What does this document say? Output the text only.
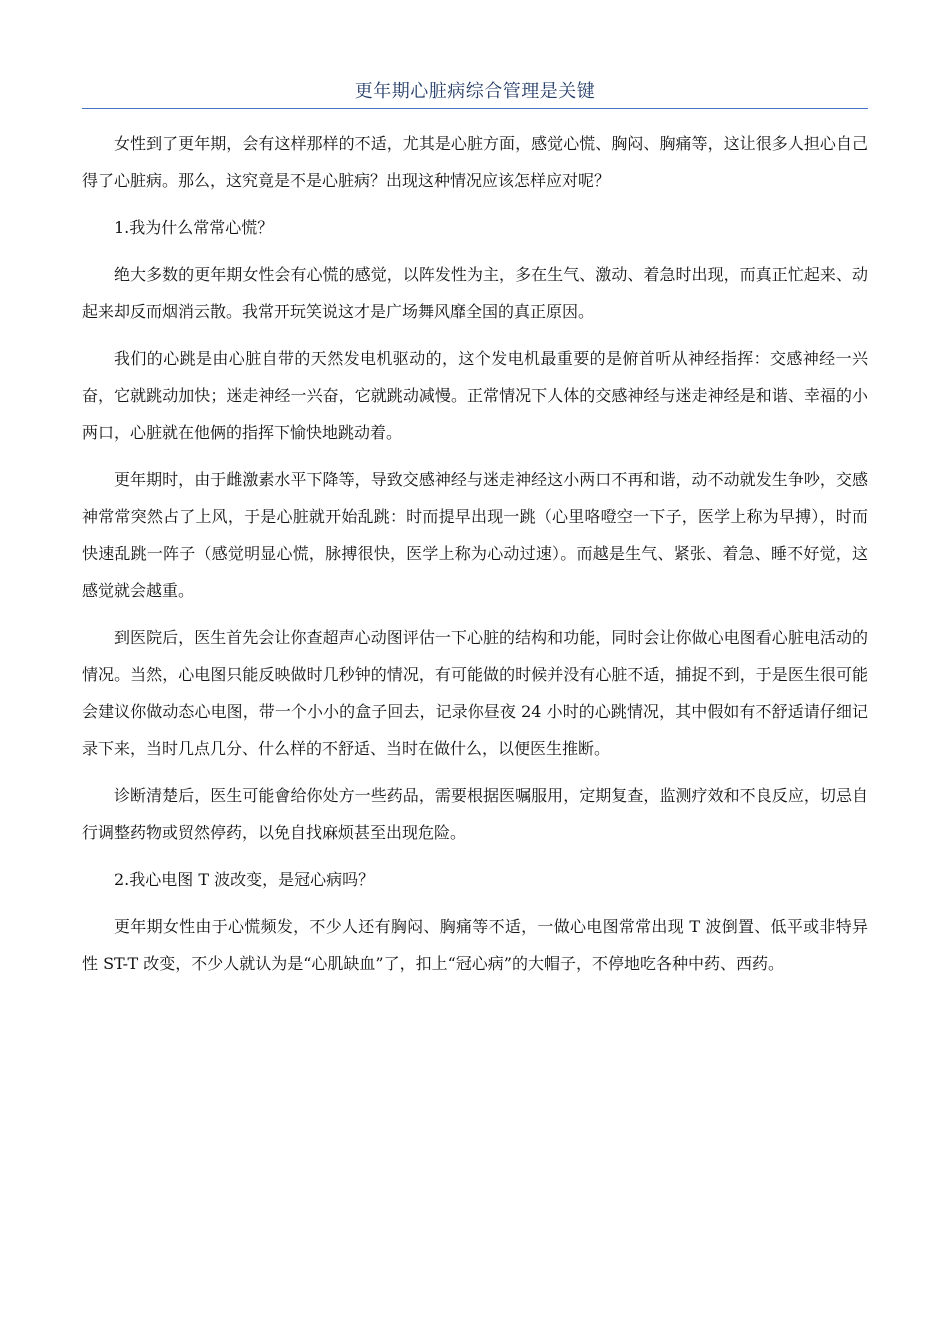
更年期心脏病综合管理是关键

女性到了更年期，会有这样那样的不适，尤其是心脏方面，感觉心慌、胸闷、胸痛等，这让很多人担心自己得了心脏病。那么，这究竟是不是心脏病？出现这种情况应该怎样应对呢？

1.我为什么常常心慌？

绝大多数的更年期女性会有心慌的感觉，以阵发性为主，多在生气、激动、着急时出现，而真正忙起来、动起来却反而烟消云散。我常开玩笑说这才是广场舞风靡全国的真正原因。

我们的心跳是由心脏自带的天然发电机驱动的，这个发电机最重要的是俯首听从神经指挥：交感神经一兴奋，它就跳动加快；迷走神经一兴奋，它就跳动减慢。正常情况下人体的交感神经与迷走神经是和谐、幸福的小两口，心脏就在他俩的指挥下愉快地跳动着。

更年期时，由于雌激素水平下降等，导致交感神经与迷走神经这小两口不再和谐，动不动就发生争吵，交感神常常突然占了上风，于是心脏就开始乱跳：时而提早出现一跳（心里咯噔空一下子，医学上称为早搏），时而快速乱跳一阵子（感觉明显心慌，脉搏很快，医学上称为心动过速）。而越是生气、紧张、着急、睡不好觉，这感觉就会越重。

到医院后，医生首先会让你查超声心动图评估一下心脏的结构和功能，同时会让你做心电图看心脏电活动的情况。当然，心电图只能反映做时几秒钟的情况，有可能做的时候并没有心脏不适，捕捉不到，于是医生很可能会建议你做动态心电图，带一个小小的盒子回去，记录你昼夜 24 小时的心跳情况，其中假如有不舒适请仔细记录下来，当时几点几分、什么样的不舒适、当时在做什么，以便医生推断。

诊断清楚后，医生可能會给你处方一些药品，需要根据医嘱服用，定期复查，监测疗效和不良反应，切忌自行调整药物或贸然停药，以免自找麻烦甚至出现危险。

2.我心电图 T 波改变，是冠心病吗？

更年期女性由于心慌频发，不少人还有胸闷、胸痛等不适，一做心电图常常出现 T 波倒置、低平或非特异性 ST-T 改变，不少人就认为是“心肌缺血”了，扣上“冠心病”的大帽子，不停地吃各种中药、西药。
